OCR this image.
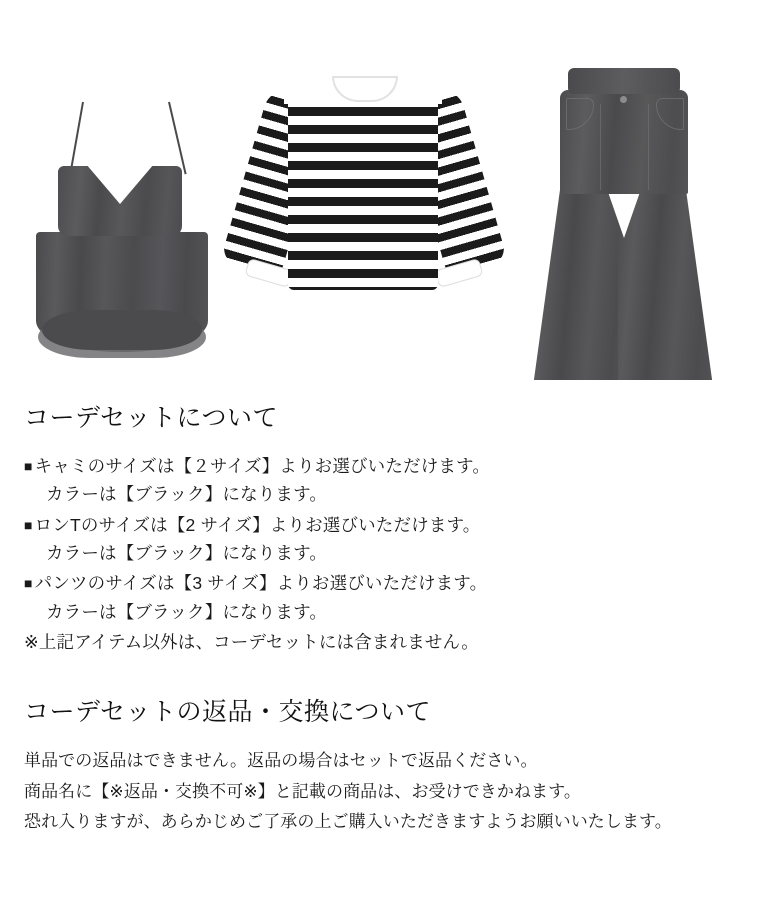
コーデセットについて

■ キャミのサイズは【２サイズ】よりお選びいただけます。

カラーは【ブラック】になります。

■ ロンTのサイズは【2 サイズ】よりお選びいただけます。

カラーは【ブラック】になります。

■ パンツのサイズは【3 サイズ】よりお選びいただけます。

カラーは【ブラック】になります。

※上記アイテム以外は、コーデセットには含まれません。

コーデセットの返品・交換について

単品での返品はできません。返品の場合はセットで返品ください。

商品名に【※返品・交換不可※】と記載の商品は、お受けできかねます。

恐れ入りますが、あらかじめご了承の上ご購入いただきますようお願いいたします。
